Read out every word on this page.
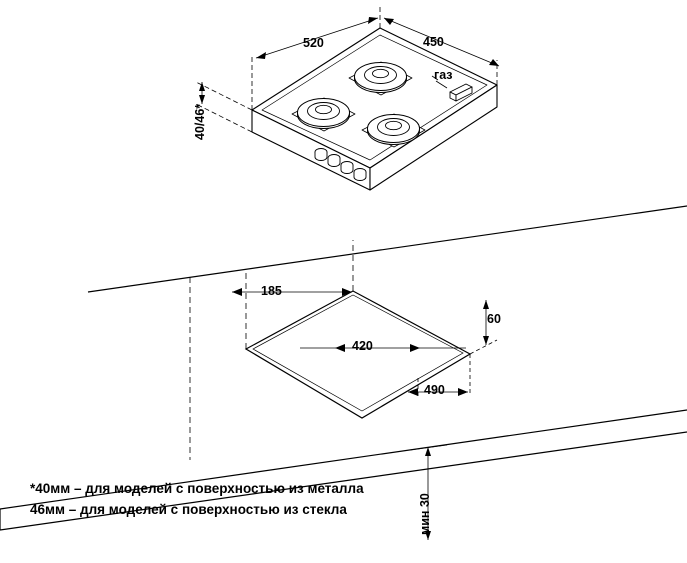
520	450
40/46*
газ
185
420
490
60
мин 30
*40мм – для моделей с поверхностью из металла
46мм – для моделей с поверхностью из стекла
